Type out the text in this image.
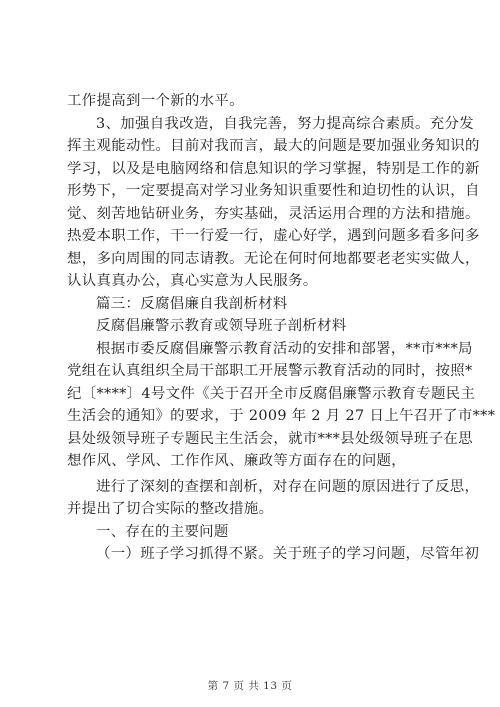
工作提高到一个新的水平。
3、加强自我改造，自我完善，努力提高综合素质。充分发
挥主观能动性。目前对我而言，最大的问题是要加强业务知识的
学习，以及是电脑网络和信息知识的学习掌握，特别是工作的新
形势下，一定要提高对学习业务知识重要性和迫切性的认识，自
觉、刻苦地钻研业务，夯实基础，灵活运用合理的方法和措施。
热爱本职工作，干一行爱一行，虚心好学，遇到问题多看多问多
想，多向周围的同志请教。无论在何时何地都要老老实实做人，
认认真真办公，真心实意为人民服务。
篇三：反腐倡廉自我剖析材料
反腐倡廉警示教育或领导班子剖析材料
根据市委反腐倡廉警示教育活动的安排和部署，**市***局
党组在认真组织全局干部职工开展警示教育活动的同时，按照*
纪〔****〕4号文件《关于召开全市反腐倡廉警示教育专题民主
生活会的通知》的要求，于 2009 年 2 月 27 日上午召开了市***
县处级领导班子专题民主生活会，就市***县处级领导班子在思
想作风、学风、工作作风、廉政等方面存在的问题，
进行了深刻的查摆和剖析，对存在问题的原因进行了反思，
并提出了切合实际的整改措施。
一、存在的主要问题
（一）班子学习抓得不紧。关于班子的学习问题，尽管年初
第 7 页 共 13 页
